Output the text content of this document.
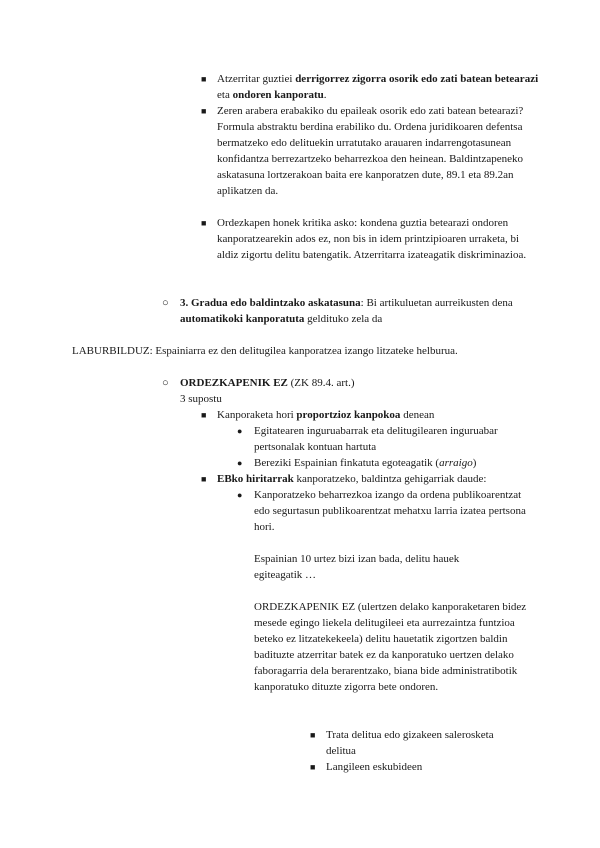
■ Atzerritar guztiei derrigorrez zigorra osorik edo zati batean betearazi eta ondoren kanporatu.
■ Zeren arabera erabakiko du epaileak osorik edo zati batean betearazi? Formula abstraktu berdina erabiliko du. Ordena juridikoaren defentsa bermatzeko edo delituekin urratutako arauaren indarrengotasunean konfidantza berrezartzeko beharrezkoa den heinean. Baldintzapeneko askatasuna lortzerakoan baita ere kanporatzen dute, 89.1 eta 89.2an aplikatzen da.
■ Ordezkapen honek kritika asko: kondena guztia betearazi ondoren kanporatzearekin ados ez, non bis in idem printzipioaren urraketa, bi aldiz zigortu delitu batengatik. Atzerritarra izateagatik diskriminazioa.
○ 3. Gradua edo baldintzako askatasuna: Bi artikuluetan aurreikusten dena automatikoki kanporatuta geldituko zela da
LABURBILDUZ: Espainiarra ez den delitugilea kanporatzea izango litzateke helburua.
○ ORDEZKAPENIK EZ (ZK 89.4. art.)
3 supostu
■ Kanporaketa hori proportzioz kanpokoa denean
● Egitatearen inguruabarrak eta delitugilearen inguruabar pertsonalak kontuan hartuta
● Bereziki Espainian finkatuta egoteagatik (arraigo)
■ EBko hiritarrak kanporatzeko, baldintza gehigarriak daude:
● Kanporatzeko beharrezkoa izango da ordena publikoarentzat edo segurtasun publikoarentzat mehatxu larria izatea pertsona hori.
Espainian 10 urtez bizi izan bada, delitu hauek egiteagatik …
ORDEZKAPENIK EZ (ulertzen delako kanporaketaren bidez mesede egingo liekela delitugileei eta aurrezaintza funtzioa beteko ez litzatekekeela) delitu hauetatik zigortzen baldin badituzte atzerritar batek ez da kanporatuko uertzen delako faboragarria dela berarentzako, biana bide administratibotik kanporatuko dituzte zigorra bete ondoren.
■ Trata delitua edo gizakeen salerosketa delitua
■ Langileen eskubideen
